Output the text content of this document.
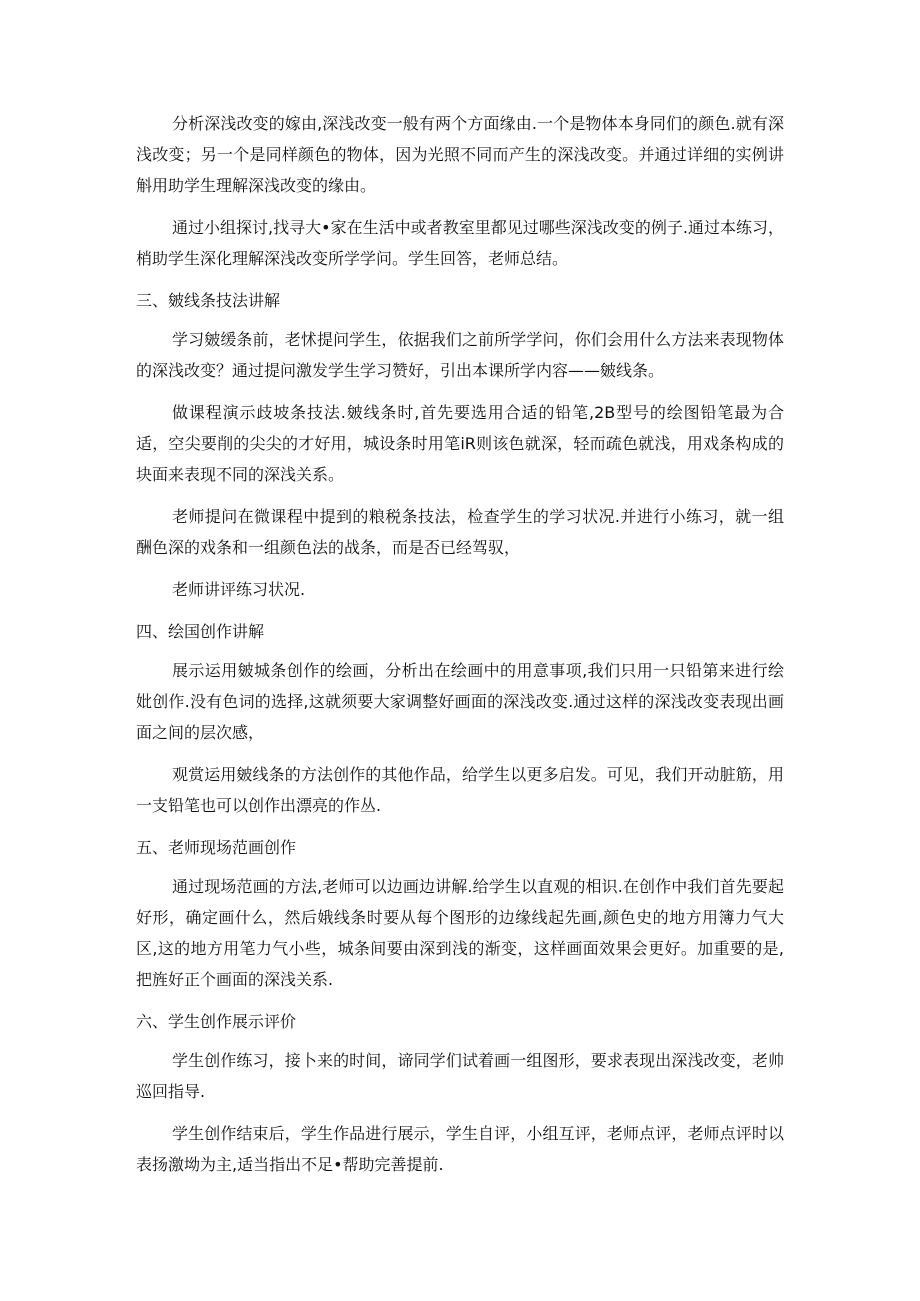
分析深浅改变的嫁由,深浅改变一般有两个方面缘由.一个是物体本身同们的颜色.就有深浅改变；另一个是同样颜色的物体，因为光照不同而产生的深浅改变。并通过详细的实例讲斛用助学生理解深浅改变的缘由。

通过小组探讨,找寻大•家在生活中或者教室里都见过哪些深浅改变的例子.通过本练习，梢助学生深化理解深浅改变所学学问。学生回答，老师总结。

三、皴线条技法讲解

学习皴缓条前，老怵提问学生，依据我们之前所学学问，你们会用什么方法来表现物体的深浅改变？通过提问激发学生学习赞好，引出本课所学内容——皴线条。

做课程演示歧坡条技法.皴线条时,首先要选用合适的铅笔,2B型号的绘图铅笔最为合适，空尖要削的尖尖的才好用，城设条时用笔iR则该色就深，轻而疏色就浅，用戏条构成的块面来表现不同的深浅关系。

老师提问在微课程中提到的粮税条技法，检查学生的学习状况.并进行小练习，就一组酬色深的戏条和一组颜色法的战条，而是否已经驾驭，

老师讲评练习状况.

四、绘国创作讲解

展示运用皴城条创作的绘画，分析出在绘画中的用意事项,我们只用一只铅第来进行绘妣创作.没有色词的选择,这就须要大家调整好画面的深浅改变.通过这样的深浅改变表现出画面之间的层次感，

观赏运用皴线条的方法创作的其他作品，给学生以更多启发。可见，我们开动脏筋，用一支铅笔也可以创作出漂亮的作丛.

五、老师现场范画创作

通过现场范画的方法,老师可以边画边讲解.给学生以直观的相识.在创作中我们首先要起好形，确定画什么，然后娥线条时要从每个图形的边缘线起先画,颜色史的地方用簿力气大区,这的地方用笔力气小些，城条间要由深到浅的渐变，这样画面效果会更好。加重要的是,把旌好正个画面的深浅关系.

六、学生创作展示评价

学生创作练习，接卜来的时间，谛同学们试着画一组图形，要求表现出深浅改变，老帅巡回指导.

学生创作结束后，学生作品进行展示，学生自评，小组互评，老师点评，老师点评时以表扬激坳为主,适当指出不足•帮助完善提前.
